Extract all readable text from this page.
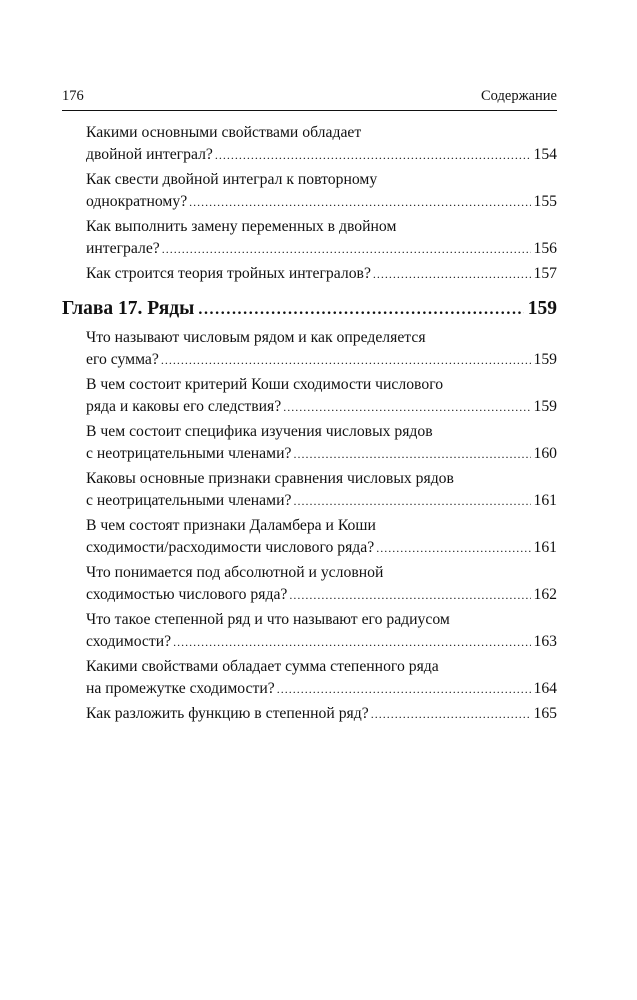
176	Содержание
Какими основными свойствами обладает
двойной интеграл? .....	154
Как свести двойной интеграл к повторному
однократному? .....	155
Как выполнить замену переменных в двойном
интеграле? .....	156
Как строится теория тройных интегралов? .....	157
Глава 17. Ряды .....	159
Что называют числовым рядом и как определяется
его сумма? .....	159
В чем состоит критерий Коши сходимости числового
ряда и каковы его следствия? .....	159
В чем состоит специфика изучения числовых рядов
с неотрицательными членами? .....	160
Каковы основные признаки сравнения числовых рядов
с неотрицательными членами? .....	161
В чем состоят признаки Даламбера и Коши
сходимости/расходимости числового ряда? .....	161
Что понимается под абсолютной и условной
сходимостью числового ряда? .....	162
Что такое степенной ряд и что называют его радиусом
сходимости? .....	163
Какими свойствами обладает сумма степенного ряда
на промежутке сходимости? .....	164
Как разложить функцию в степенной ряд? .....	165
